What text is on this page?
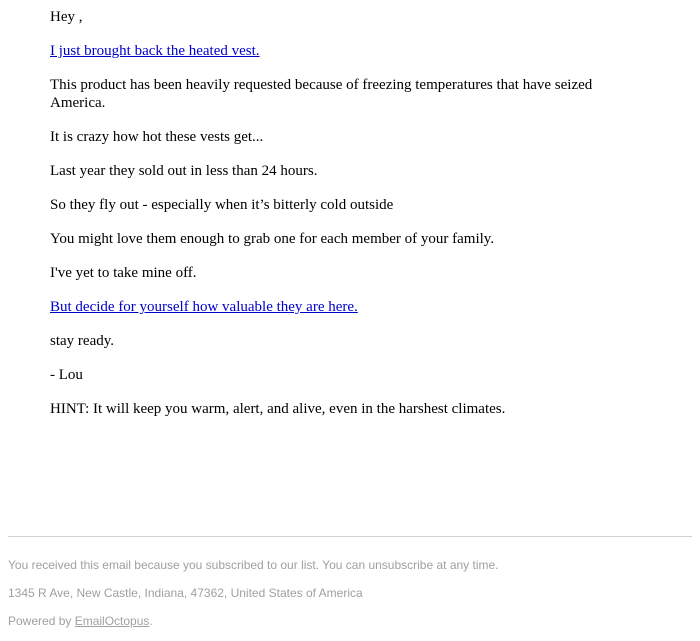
Hey ,

I just brought back the heated vest.

This product has been heavily requested because of freezing temperatures that have seized America.

It is crazy how hot these vests get...

Last year they sold out in less than 24 hours.

So they fly out - especially when it’s bitterly cold outside

You might love them enough to grab one for each member of your family.

I've yet to take mine off.

But decide for yourself how valuable they are here.

stay ready.

- Lou

HINT: It will keep you warm, alert, and alive, even in the harshest climates.

You received this email because you subscribed to our list. You can unsubscribe at any time.

1345 R Ave, New Castle, Indiana, 47362, United States of America

Powered by EmailOctopus.
